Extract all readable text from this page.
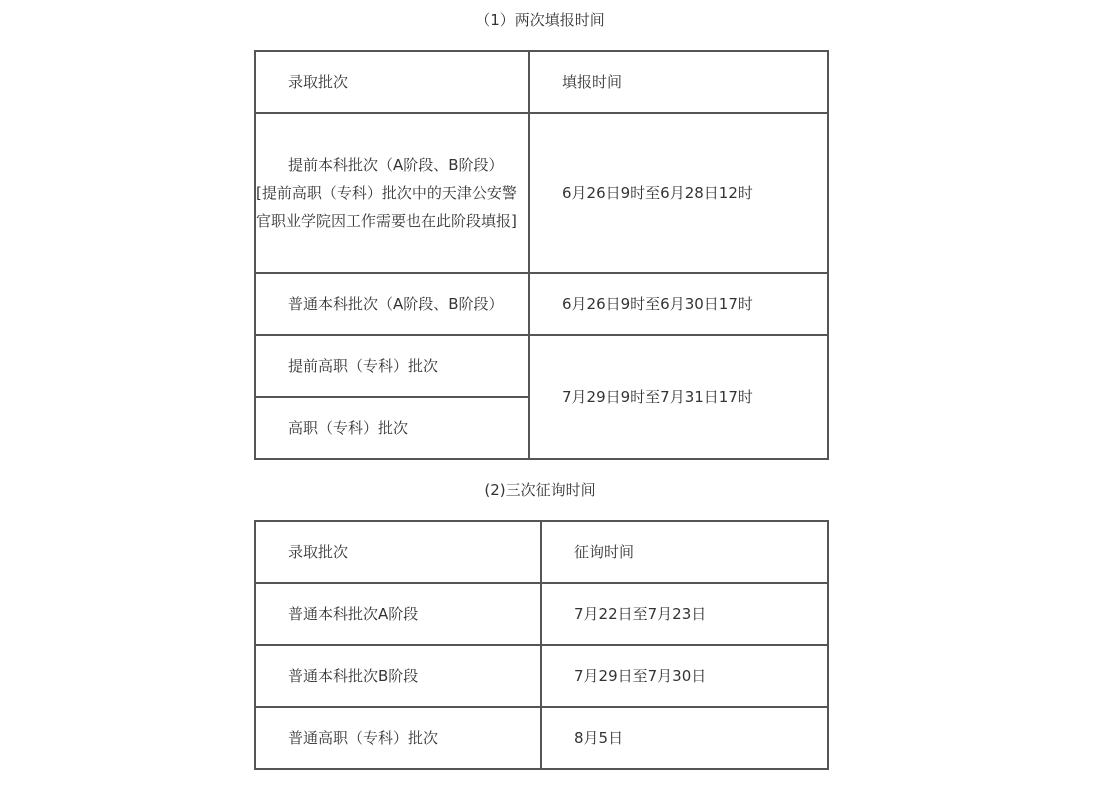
（1）两次填报时间
录取批次	填报时间

提前本科批次（A阶段、B阶段）
[提前高职（专科）批次中的天津公安警官职业学院因工作需要也在此阶段填报]	6月26日9时至6月28日12时

普通本科批次（A阶段、B阶段）	6月26日9时至6月30日17时

提前高职（专科）批次	7月29日9时至7月31日17时

高职（专科）批次	
(2)三次征询时间
录取批次	征询时间

普通本科批次A阶段	7月22日至7月23日

普通本科批次B阶段	7月29日至7月30日

普通高职（专科）批次	8月5日
